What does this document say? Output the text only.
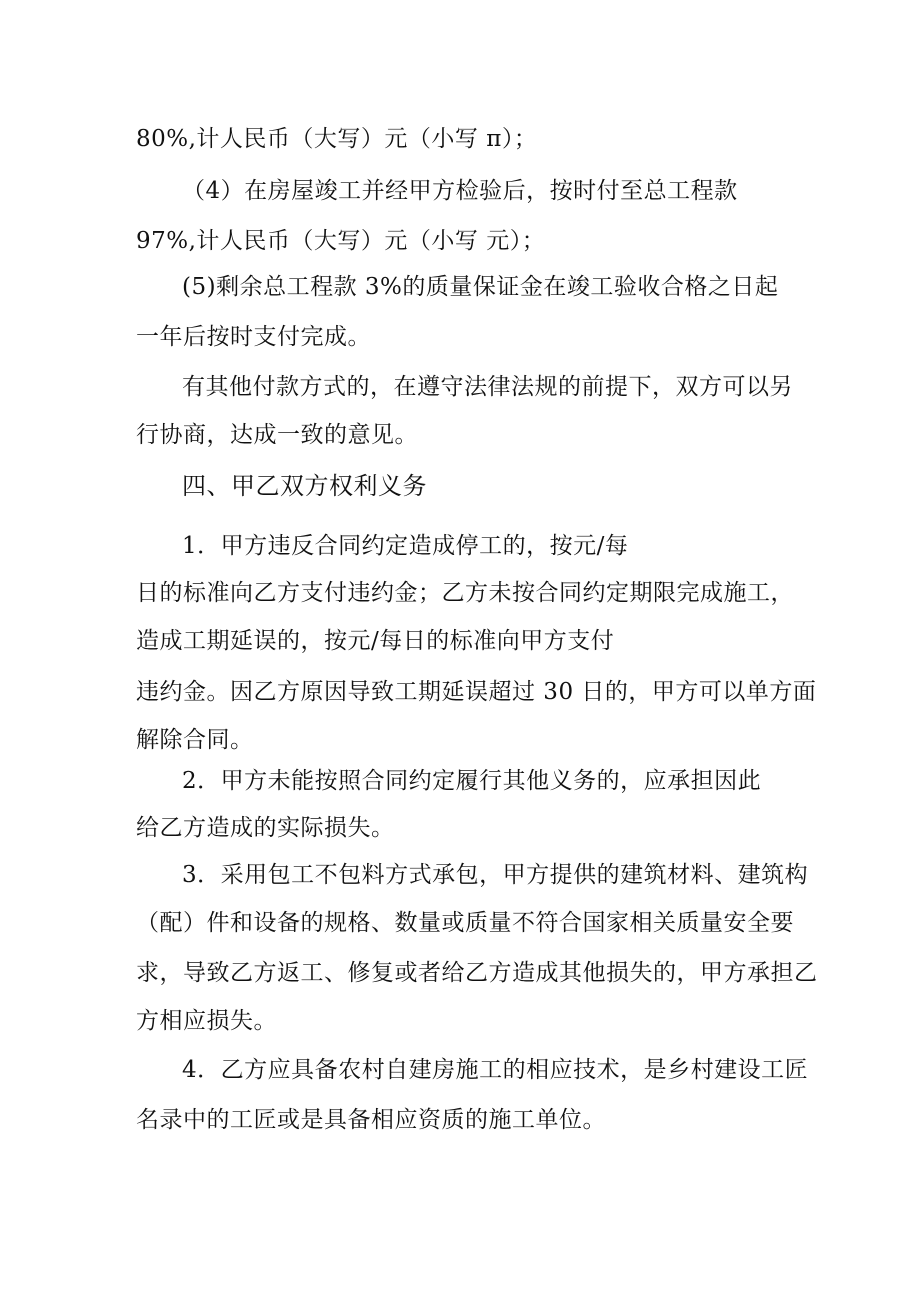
80%,计人民币（大写）元（小写 π）；
（4）在房屋竣工并经甲方检验后，按时付至总工程款
97%,计人民币（大写）元（小写 元）；
(5)剩余总工程款 3%的质量保证金在竣工验收合格之日起
一年后按时支付完成。
有其他付款方式的，在遵守法律法规的前提下，双方可以另
行协商，达成一致的意见。
四、甲乙双方权利义务
1．甲方违反合同约定造成停工的，按元/每
日的标准向乙方支付违约金；乙方未按合同约定期限完成施工，
造成工期延误的，按元/每日的标准向甲方支付
违约金。因乙方原因导致工期延误超过 30 日的，甲方可以单方面
解除合同。
2．甲方未能按照合同约定履行其他义务的，应承担因此
给乙方造成的实际损失。
3．采用包工不包料方式承包，甲方提供的建筑材料、建筑构
（配）件和设备的规格、数量或质量不符合国家相关质量安全要
求，导致乙方返工、修复或者给乙方造成其他损失的，甲方承担乙
方相应损失。
4．乙方应具备农村自建房施工的相应技术，是乡村建设工匠
名录中的工匠或是具备相应资质的施工单位。
